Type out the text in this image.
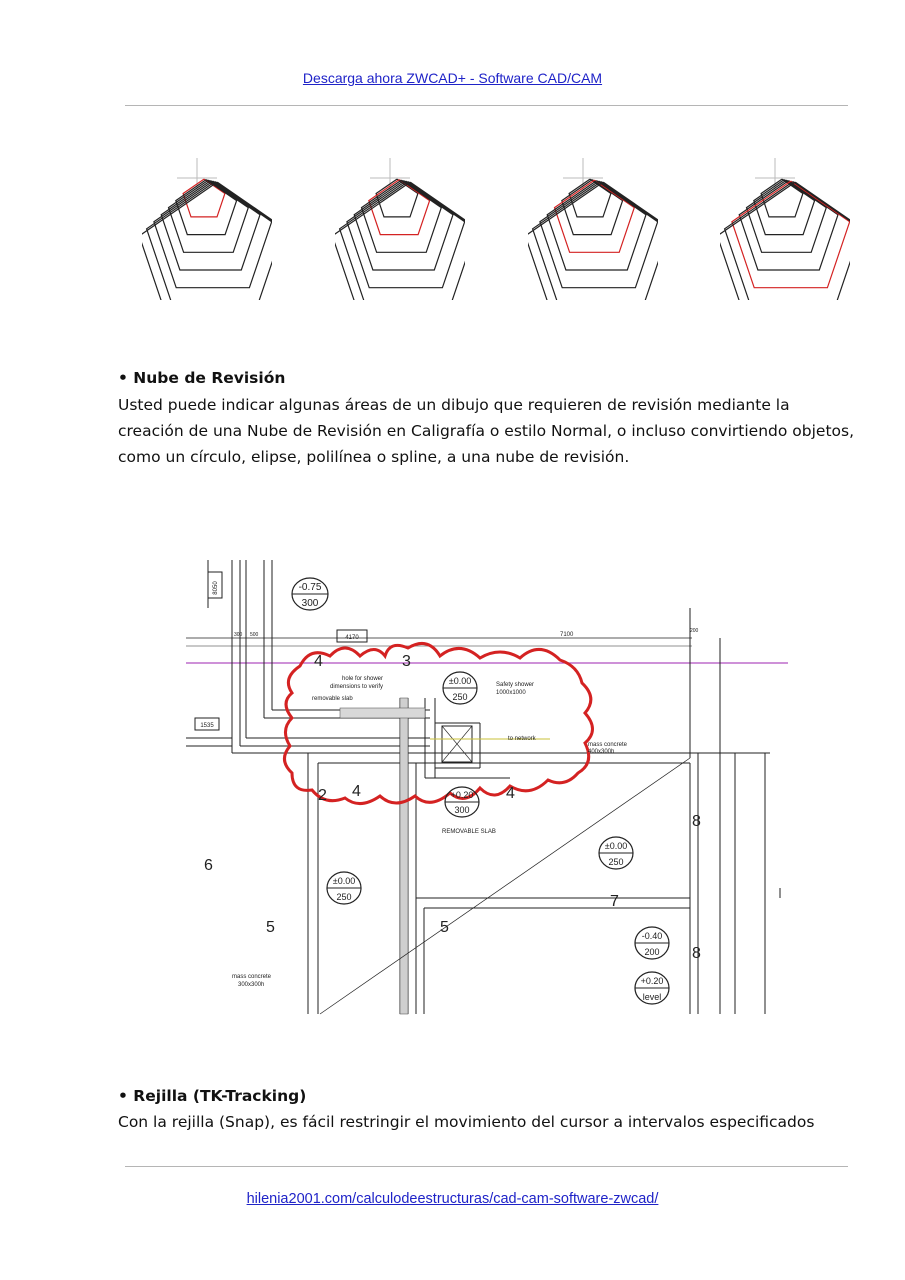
Descarga ahora ZWCAD+ - Software CAD/CAM
• Nube de Revisión

Usted puede indicar algunas áreas de un dibujo que requieren de revisión mediante la creación de una Nube de Revisión en Caligrafía o estilo Normal, o incluso convirtiendo objetos, como un círculo, elipse, polilínea o spline, a una nube de revisión.

8050
1535
4170	7100
200
300 500
-0.75
300
±0.00
250
+0.20
300
±0.00
250
±0.00
250
-0.40
200
+0.20
level
hole for shower
dimensions to verify
removable slab
Safety shower
1000x1000
to network
mass concrete
400x300h
REMOVABLE SLAB
mass concrete
300x300h
4	3
2 4	4
6
5	5
7
8
8
• Rejilla (TK-Tracking)

Con la rejilla (Snap), es fácil restringir el movimiento del cursor a intervalos especificados

hilenia2001.com/calculodeestructuras/cad-cam-software-zwcad/
